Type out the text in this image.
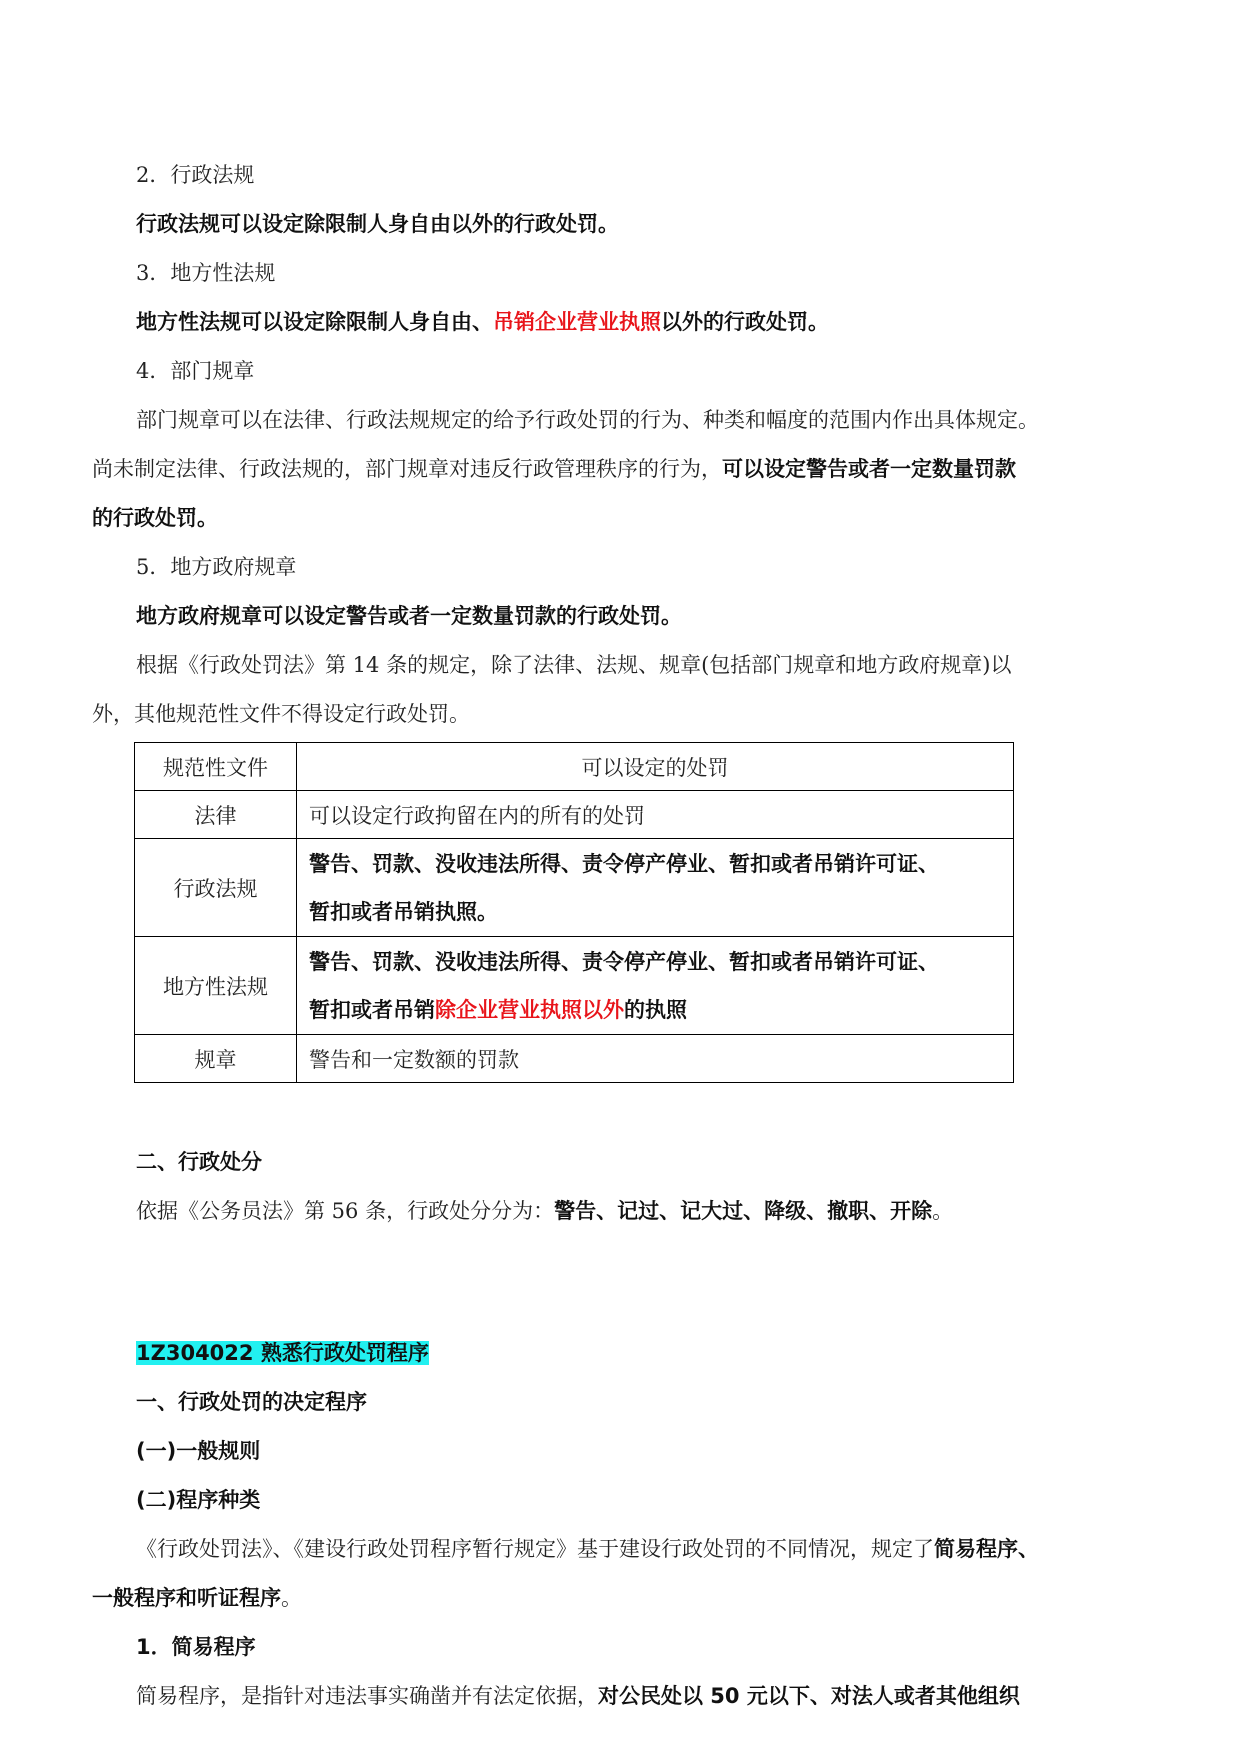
2．行政法规
行政法规可以设定除限制人身自由以外的行政处罚。
3．地方性法规
地方性法规可以设定除限制人身自由、吊销企业营业执照以外的行政处罚。
4．部门规章
部门规章可以在法律、行政法规规定的给予行政处罚的行为、种类和幅度的范围内作出具体规定。
尚未制定法律、行政法规的，部门规章对违反行政管理秩序的行为，可以设定警告或者一定数量罚款
的行政处罚。
5．地方政府规章
地方政府规章可以设定警告或者一定数量罚款的行政处罚。
根据《行政处罚法》第 14 条的规定，除了法律、法规、规章(包括部门规章和地方政府规章)以
外，其他规范性文件不得设定行政处罚。
规范性文件	可以设定的处罚
法律	可以设定行政拘留在内的所有的处罚
行政法规	警告、罚款、没收违法所得、责令停产停业、暂扣或者吊销许可证、
暂扣或者吊销执照。

地方性法规	警告、罚款、没收违法所得、责令停产停业、暂扣或者吊销许可证、
暂扣或者吊销除企业营业执照以外的执照

规章	警告和一定数额的罚款
二、行政处分
依据《公务员法》第 56 条，行政处分分为：警告、记过、记大过、降级、撤职、开除。
1Z304022 熟悉行政处罚程序
一、行政处罚的决定程序
(一)一般规则
(二)程序种类
《行政处罚法》、《建设行政处罚程序暂行规定》基于建设行政处罚的不同情况，规定了简易程序、
一般程序和听证程序。
1．简易程序
简易程序，是指针对违法事实确凿并有法定依据，对公民处以 50 元以下、对法人或者其他组织
